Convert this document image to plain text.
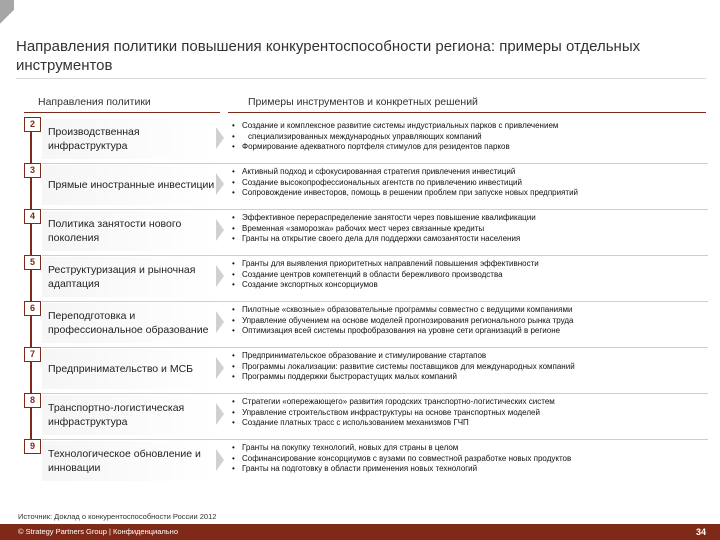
Направления политики повышения конкурентоспособности региона: примеры отдельных инструментов
Направления политики	Примеры инструментов и конкретных решений
2
Производственная инфраструктура
• Создание и комплексное развитие системы индустриальных парков с привлечением
• специализированных международных управляющих компаний
• Формирование адекватного портфеля стимулов для резидентов парков
3
Прямые иностранные инвестиции
• Активный подход и сфокусированная стратегия привлечения инвестиций
• Создание высокопрофессиональных агентств по привлечению инвестиций
• Сопровождение инвесторов, помощь в решении проблем при запуске новых предприятий
4
Политика занятости нового поколения
• Эффективное перераспределение занятости через повышение квалификации
• Временная «заморозка» рабочих мест через связанные кредиты
• Гранты на открытие своего дела для поддержки самозанятости населения
5
Реструктуризация и рыночная адаптация
• Гранты для выявления приоритетных направлений повышения эффективности
• Создание центров компетенций в области бережливого производства
• Создание экспортных консорциумов
6
Переподготовка и профессиональное образование
• Пилотные «сквозные» образовательные программы совместно с ведущими компаниями
• Управление обучением на основе моделей прогнозирования регионального рынка труда
• Оптимизация всей системы профобразования на уровне сети организаций в регионе
7
Предпринимательство и МСБ
• Предпринимательское образование и стимулирование стартапов
• Программы локализации: развитие системы поставщиков для международных компаний
• Программы поддержки быстрорастущих малых компаний
8
Транспортно-логистическая инфраструктура
• Стратегии «опережающего» развития городских транспортно-логистических систем
• Управление строительством инфраструктуры на основе транспортных моделей
• Создание платных трасс с использованием механизмов ГЧП
9
Технологическое обновление и инновации
• Гранты на покупку технологий, новых для страны в целом
• Софинансирование консорциумов с вузами по совместной разработке новых продуктов
• Гранты на подготовку в области применения новых технологий
Источник: Доклад о конкурентоспособности России 2012
© Strategy Partners Group | Конфиденциально	34
